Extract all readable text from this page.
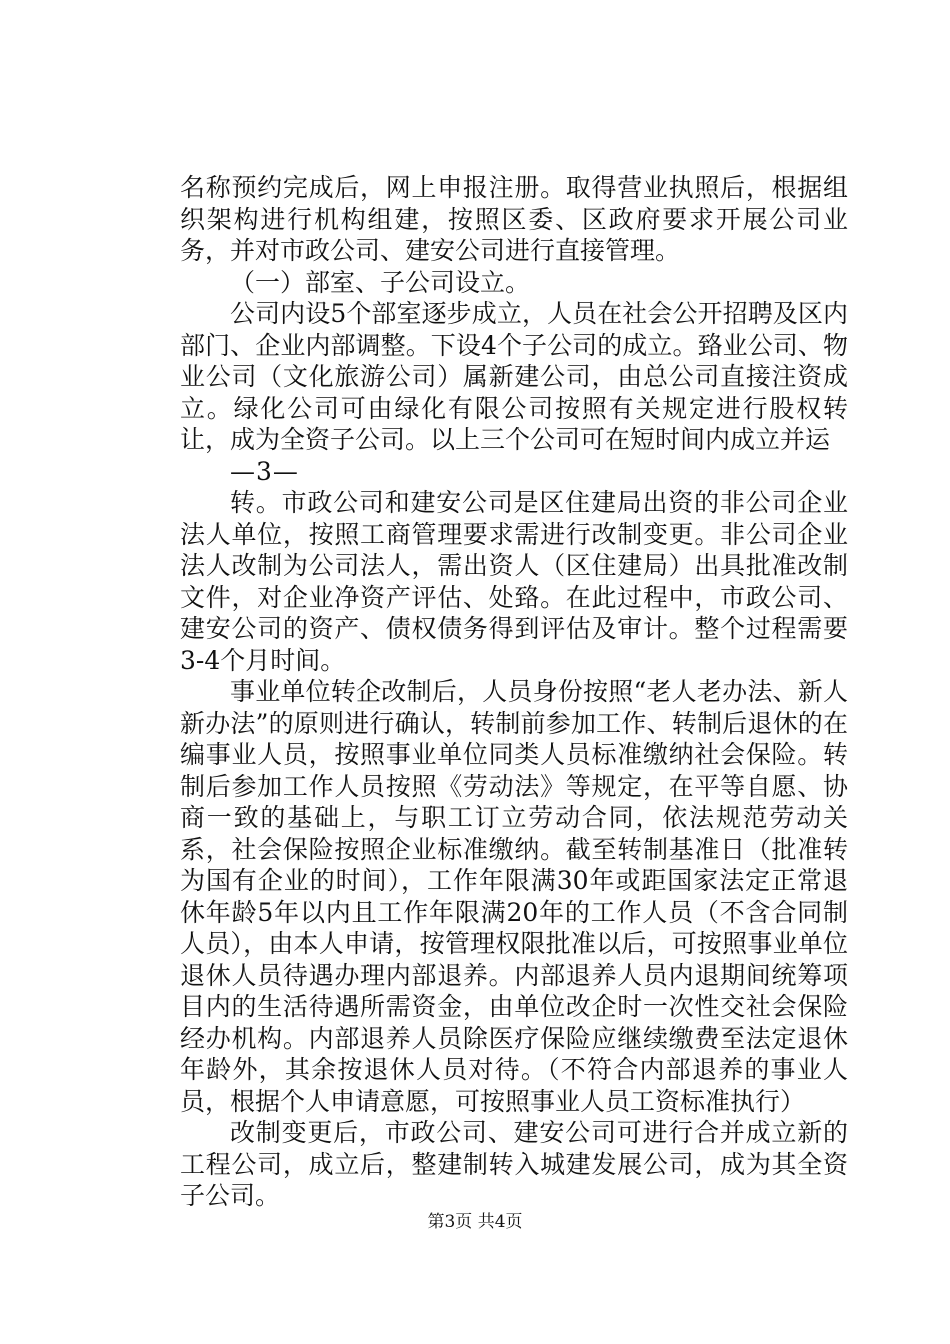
名称预约完成后，网上申报注册。取得营业执照后，根据组织架构进行机构组建，按照区委、区政府要求开展公司业务，并对市政公司、建安公司进行直接管理。

（一）部室、子公司设立。

公司内设5个部室逐步成立，人员在社会公开招聘及区内部门、企业内部调整。下设4个子公司的成立。臵业公司、物业公司（文化旅游公司）属新建公司，由总公司直接注资成立。绿化公司可由绿化有限公司按照有关规定进行股权转让，成为全资子公司。以上三个公司可在短时间内成立并运

—3—

转。市政公司和建安公司是区住建局出资的非公司企业法人单位，按照工商管理要求需进行改制变更。非公司企业法人改制为公司法人，需出资人（区住建局）出具批准改制文件，对企业净资产评估、处臵。在此过程中，市政公司、建安公司的资产、债权债务得到评估及审计。整个过程需要3-4个月时间。

事业单位转企改制后，人员身份按照“老人老办法、新人新办法”的原则进行确认，转制前参加工作、转制后退休的在编事业人员，按照事业单位同类人员标准缴纳社会保险。转制后参加工作人员按照《劳动法》等规定，在平等自愿、协商一致的基础上，与职工订立劳动合同，依法规范劳动关系，社会保险按照企业标准缴纳。截至转制基准日（批准转为国有企业的时间），工作年限满30年或距国家法定正常退休年龄5年以内且工作年限满20年的工作人员（不含合同制人员），由本人申请，按管理权限批准以后，可按照事业单位退休人员待遇办理内部退养。内部退养人员内退期间统筹项目内的生活待遇所需资金，由单位改企时一次性交社会保险经办机构。内部退养人员除医疗保险应继续缴费至法定退休年龄外，其余按退休人员对待。（不符合内部退养的事业人员，根据个人申请意愿，可按照事业人员工资标准执行）

改制变更后，市政公司、建安公司可进行合并成立新的工程公司，成立后，整建制转入城建发展公司，成为其全资子公司。

第3页 共4页
